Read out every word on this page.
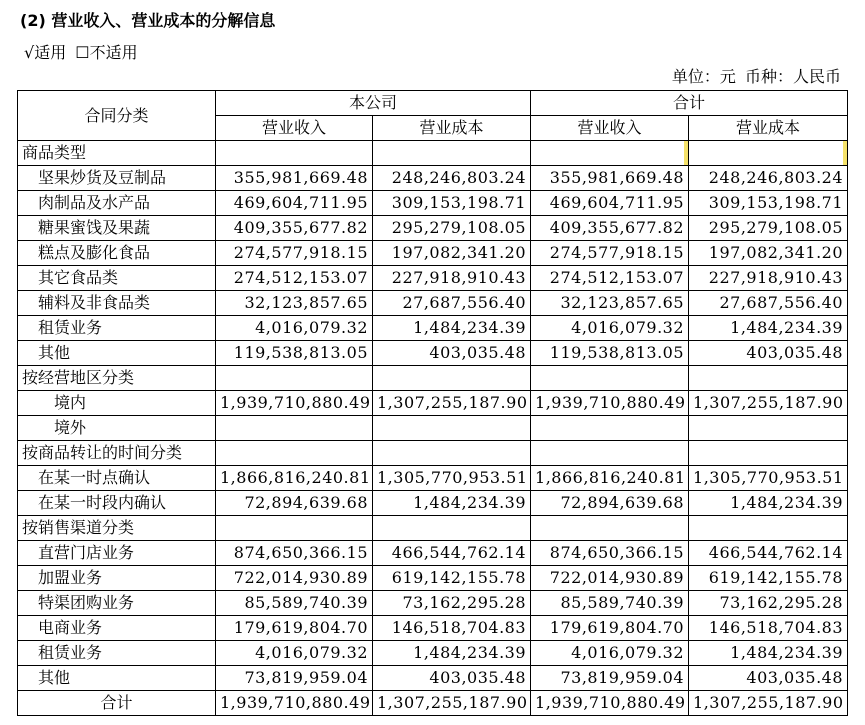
(2) 营业收入、营业成本的分解信息
√适用 ☐不适用
单位：元 币种：人民币
合同分类	本公司		合计	
	营业收入	营业成本	营业收入	营业成本
商品类型				
坚果炒货及豆制品	355,981,669.48	248,246,803.24	355,981,669.48	248,246,803.24
肉制品及水产品	469,604,711.95	309,153,198.71	469,604,711.95	309,153,198.71
糖果蜜饯及果蔬	409,355,677.82	295,279,108.05	409,355,677.82	295,279,108.05
糕点及膨化食品	274,577,918.15	197,082,341.20	274,577,918.15	197,082,341.20
其它食品类	274,512,153.07	227,918,910.43	274,512,153.07	227,918,910.43
辅料及非食品类	32,123,857.65	27,687,556.40	32,123,857.65	27,687,556.40
租赁业务	4,016,079.32	1,484,234.39	4,016,079.32	1,484,234.39
其他	119,538,813.05	403,035.48	119,538,813.05	403,035.48
按经营地区分类				
境内	1,939,710,880.49	1,307,255,187.90	1,939,710,880.49	1,307,255,187.90
境外				
按商品转让的时间分类				
在某一时点确认	1,866,816,240.81	1,305,770,953.51	1,866,816,240.81	1,305,770,953.51
在某一时段内确认	72,894,639.68	1,484,234.39	72,894,639.68	1,484,234.39
按销售渠道分类				
直营门店业务	874,650,366.15	466,544,762.14	874,650,366.15	466,544,762.14
加盟业务	722,014,930.89	619,142,155.78	722,014,930.89	619,142,155.78
特渠团购业务	85,589,740.39	73,162,295.28	85,589,740.39	73,162,295.28
电商业务	179,619,804.70	146,518,704.83	179,619,804.70	146,518,704.83
租赁业务	4,016,079.32	1,484,234.39	4,016,079.32	1,484,234.39
其他	73,819,959.04	403,035.48	73,819,959.04	403,035.48
合计	1,939,710,880.49	1,307,255,187.90	1,939,710,880.49	1,307,255,187.90
